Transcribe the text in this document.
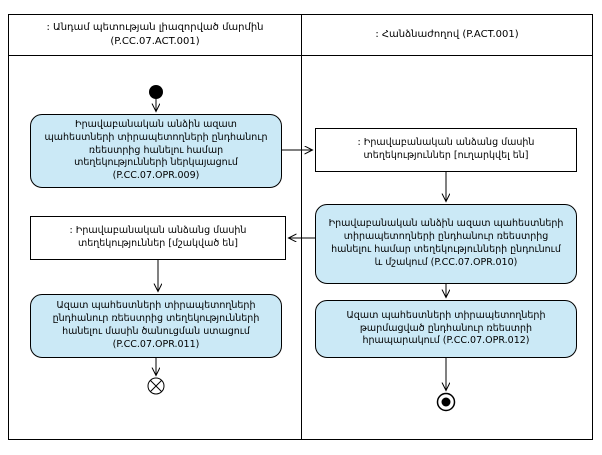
: Անդամ պետության լիազորված մարմին (P.CC.07.ACT.001)
: Հանձնաժողով (P.ACT.001)
Իրավաբանական անձին ազատ պահեստների տիրապետողների ընդհանուր ռեեստրից հանելու համար տեղեկությունների ներկայացում (P.CC.07.OPR.009)
: Իրավաբանական անձանց մասին տեղեկություններ [ուղարկվել են]
Իրավաբանական անձին ազատ պահեստների տիրապետողների ընդհանուր ռեեստրից հանելու համար տեղեկությունների ընդունում և մշակում (P.CC.07.OPR.010)
: Իրավաբանական անձանց մասին տեղեկություններ [մշակված են]
Ազատ պահեստների տիրապետողների ընդհանուր ռեեստրից տեղեկությունների հանելու մասին ծանուցման ստացում (P.CC.07.OPR.011)
Ազատ պահեստների տիրապետողների թարմացված ընդհանուր ռեեստրի հրապարակում (P.CC.07.OPR.012)
